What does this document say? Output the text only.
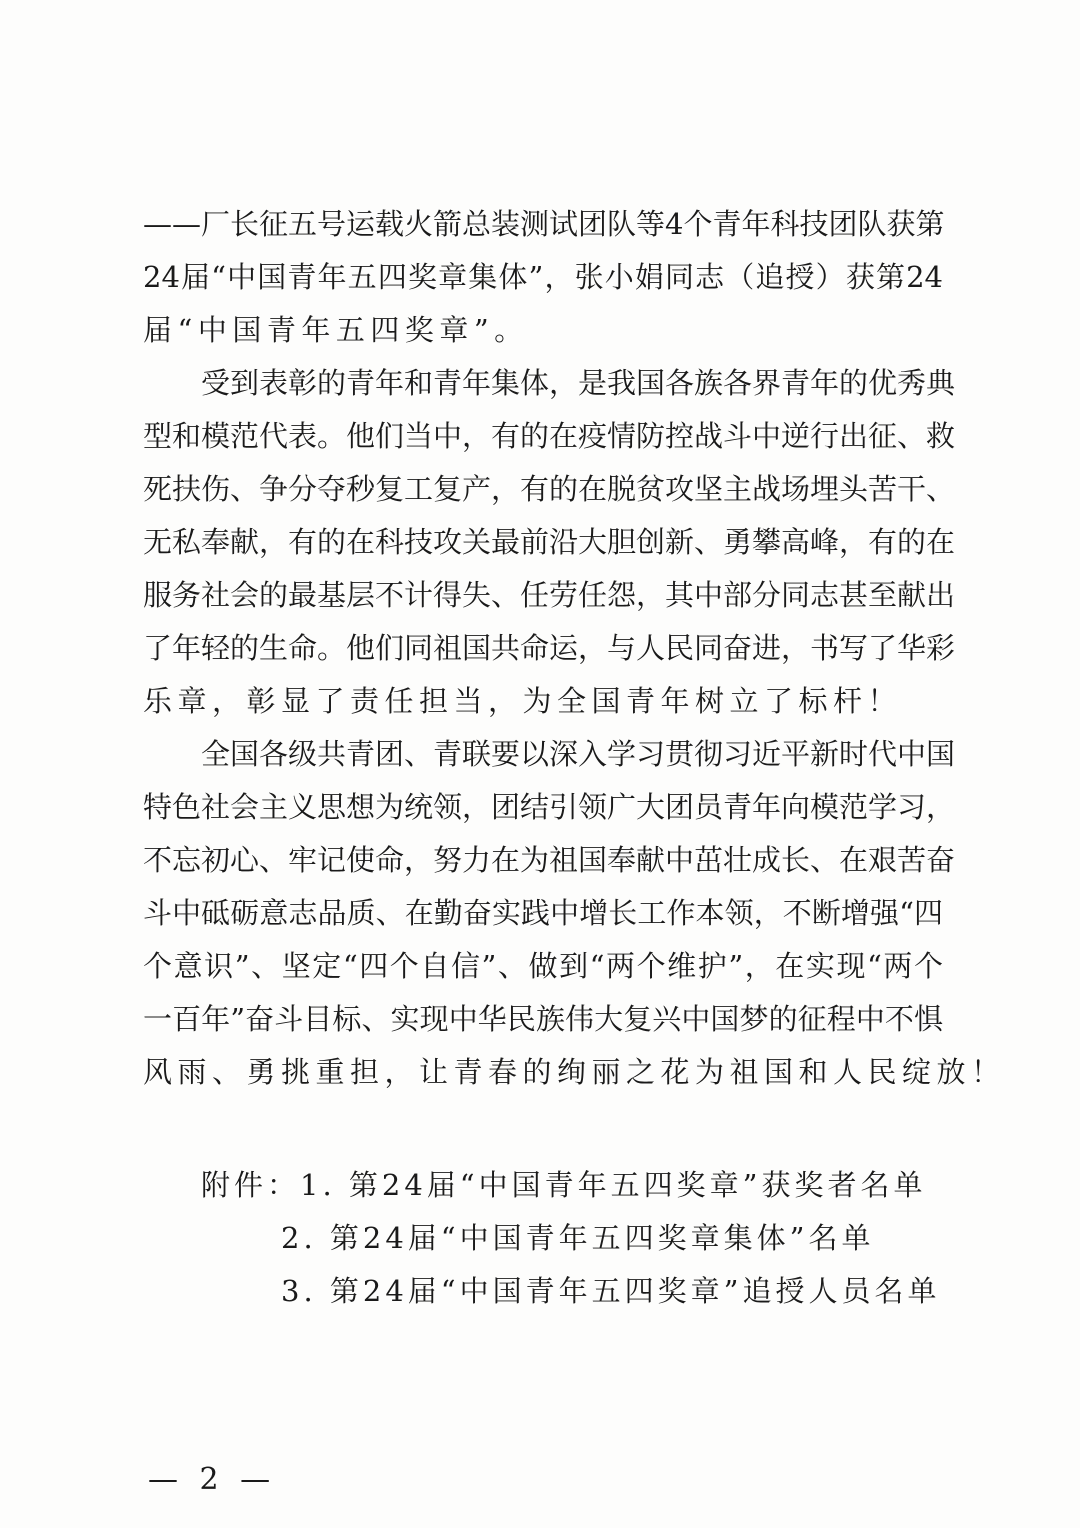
——厂长征五号运载火箭总装测试团队等4个青年科技团队获第
24届“中国青年五四奖章集体”，张小娟同志（追授）获第24
届“中国青年五四奖章”。
受到表彰的青年和青年集体，是我国各族各界青年的优秀典
型和模范代表。他们当中，有的在疫情防控战斗中逆行出征、救
死扶伤、争分夺秒复工复产，有的在脱贫攻坚主战场埋头苦干、
无私奉献，有的在科技攻关最前沿大胆创新、勇攀高峰，有的在
服务社会的最基层不计得失、任劳任怨，其中部分同志甚至献出
了年轻的生命。他们同祖国共命运，与人民同奋进，书写了华彩
乐章，彰显了责任担当，为全国青年树立了标杆！
全国各级共青团、青联要以深入学习贯彻习近平新时代中国
特色社会主义思想为统领，团结引领广大团员青年向模范学习，
不忘初心、牢记使命，努力在为祖国奉献中茁壮成长、在艰苦奋
斗中砥砺意志品质、在勤奋实践中增长工作本领，不断增强“四
个意识”、坚定“四个自信”、做到“两个维护”，在实现“两个
一百年”奋斗目标、实现中华民族伟大复兴中国梦的征程中不惧
风雨、勇挑重担，让青春的绚丽之花为祖国和人民绽放！
附件：1. 第24届“中国青年五四奖章”获奖者名单
2. 第24届“中国青年五四奖章集体”名单
3. 第24届“中国青年五四奖章”追授人员名单
— 2 —
